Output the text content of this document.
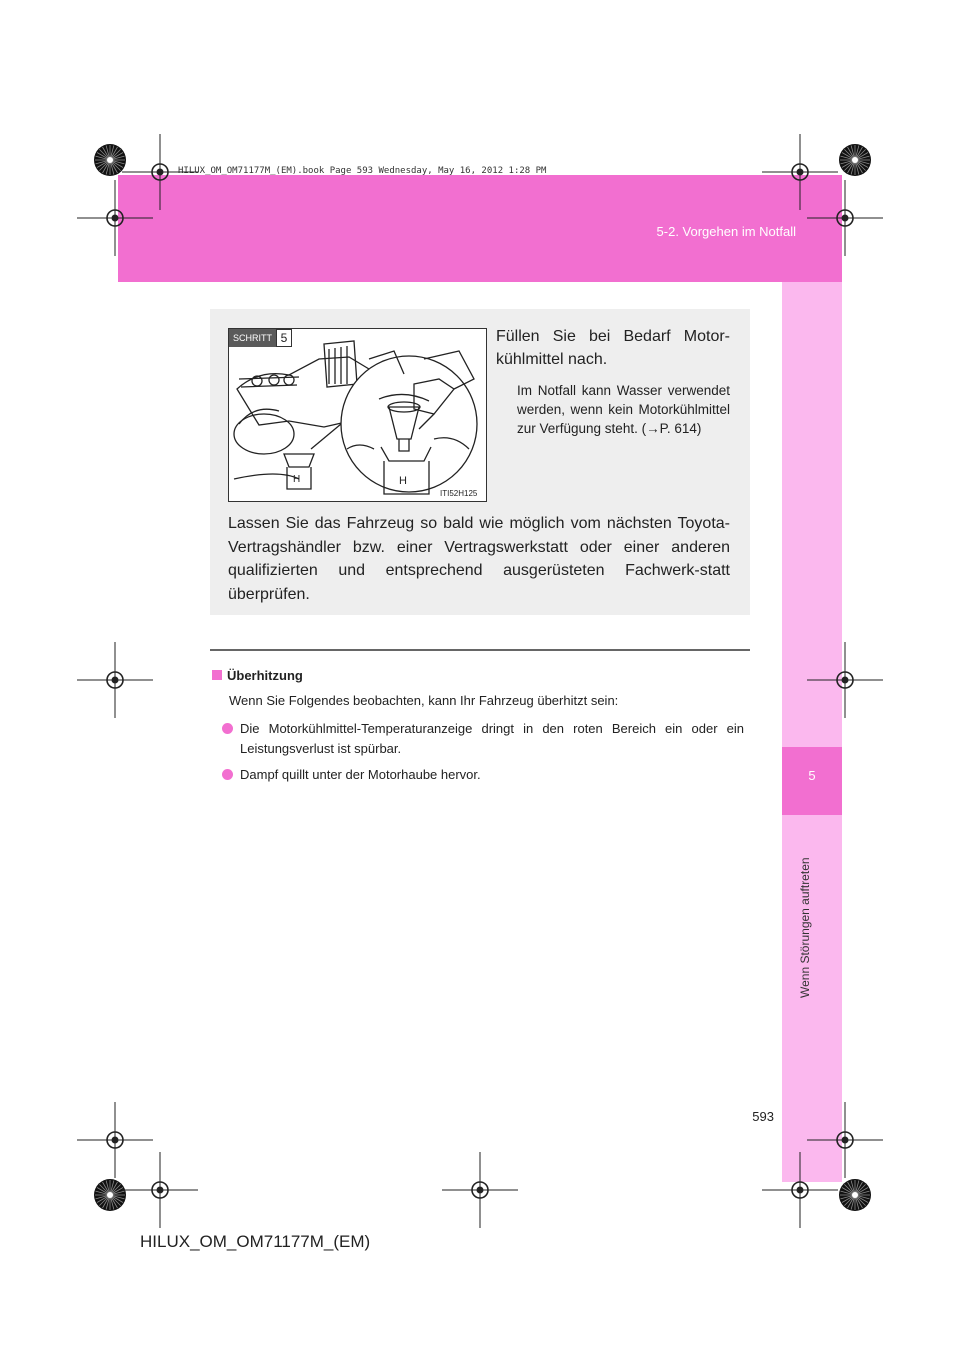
HILUX_OM_OM71177M_(EM).book Page 593 Wednesday, May 16, 2012 1:28 PM
5-2. Vorgehen im Notfall
5
Wenn Störungen auftreten
H	H
SCHRITT 5
ITI52H125
Füllen Sie bei Bedarf Motor-kühlmittel nach.
Im Notfall kann Wasser verwendet werden, wenn kein Motorkühlmittel zur Verfügung steht. (→P. 614)
Lassen Sie das Fahrzeug so bald wie möglich vom nächsten Toyota-Vertragshändler bzw. einer Vertragswerkstatt oder einer anderen qualifizierten und entsprechend ausgerüsteten Fachwerk-statt überprüfen.
Überhitzung
Wenn Sie Folgendes beobachten, kann Ihr Fahrzeug überhitzt sein:
Die Motorkühlmittel-Temperaturanzeige dringt in den roten Bereich ein oder ein Leistungsverlust ist spürbar.
Dampf quillt unter der Motorhaube hervor.
593
HILUX_OM_OM71177M_(EM)
